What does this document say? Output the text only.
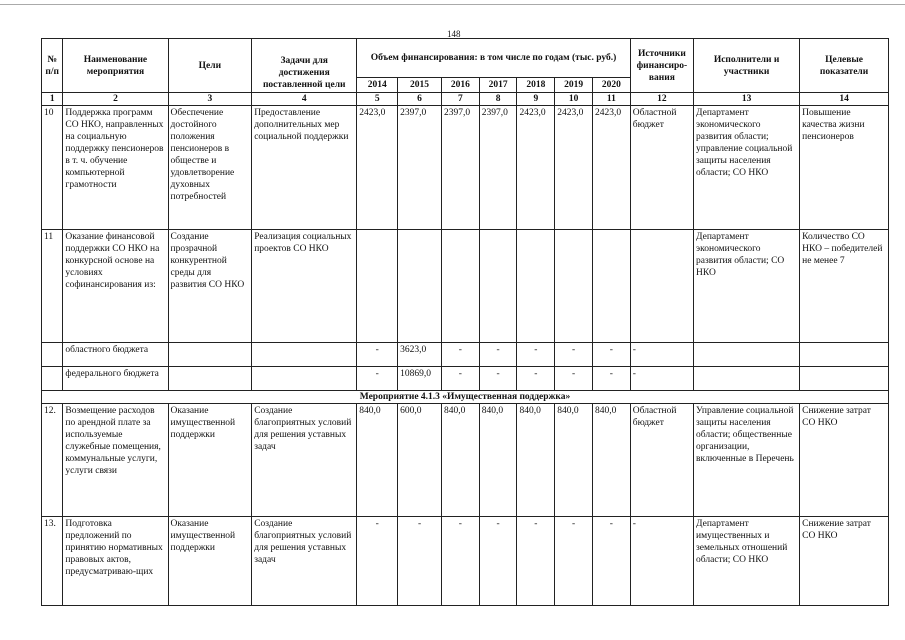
148
№ п/п	Наименование мероприятия	Цели	Задачи для достижения поставленной цели	Объем финансирования: в том числе по годам (тыс. руб.)							Источники финансиро-вания	Исполнители и участники	Целевые показатели
				2014	2015	2016	2017	2018	2019	2020			
1	2	3	4	5	6	7	8	9	10	11	12	13	14
10	Поддержка программ СО НКО, направленных на социальную поддержку пенсионеров в т. ч. обучение компьютерной грамотности	Обеспечение достойного положения пенсионеров в обществе и удовлетворение духовных потребностей	Предоставление дополнительных мер социальной поддержки	2423,0	2397,0	2397,0	2397,0	2423,0	2423,0	2423,0	Областной бюджет	Департамент экономического развития области; управление социальной защиты населения области; СО НКО	Повышение качества жизни пенсионеров
11	Оказание финансовой поддержки СО НКО на конкурсной основе на условиях софинансирования из:	Создание прозрачной конкурентной среды для развития СО НКО	Реализация социальных проектов СО НКО									Департамент экономического развития области; СО НКО	Количество СО НКО – победителей не менее 7
	областного бюджета			-	3623,0	-	-	-	-	-	-		
	федерального бюджета			-	10869,0	-	-	-	-	-	-		
Мероприятие 4.1.3 «Имущественная поддержка»													
12.	Возмещение расходов по арендной плате за используемые служебные помещения, коммунальные услуги, услуги связи	Оказание имущественной поддержки	Создание благоприятных условий для решения уставных задач	840,0	600,0	840,0	840,0	840,0	840,0	840,0	Областной бюджет	Управление социальной защиты населения области; общественные организации, включенные в Перечень	Снижение затрат СО НКО
13.	Подготовка предложений по принятию нормативных правовых актов, предусматриваю-щих	Оказание имущественной поддержки	Создание благоприятных условий для решения уставных задач	-	-	-	-	-	-	-	-	Департамент имущественных и земельных отношений области; СО НКО	Снижение затрат СО НКО
